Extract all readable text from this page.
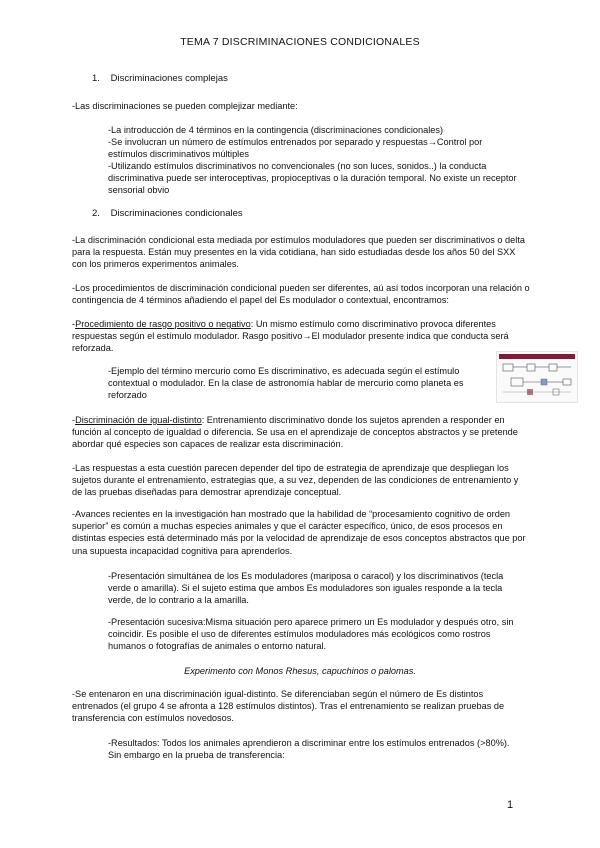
TEMA 7 DISCRIMINACIONES CONDICIONALES
1. Discriminaciones complejas
-Las discriminaciones se pueden complejizar mediante:
-La introducción de 4 términos en la contingencia (discriminaciones condicionales)
-Se involucran un número de estímulos entrenados por separado y respuestas→Control por estímulos discriminativos múltiples
-Utilizando estímulos discriminativos no convencionales (no son luces, sonidos..) la conducta discriminativa puede ser interoceptivas, propioceptivas o la duración temporal. No existe un receptor sensorial obvio
2. Discriminaciones condicionales
-La discriminación condicional esta mediada por estímulos moduladores que pueden ser discriminativos o delta para la respuesta. Están muy presentes en la vida cotidiana, han sido estudiadas desde los años 50 del SXX con los primeros experimentos animales.
-Los procedimientos de discriminación condicional pueden ser diferentes, aú así todos incorporan una relación o contingencia de 4 términos añadiendo el papel del Es modulador o contextual, encontramos:
-Procedimiento de rasgo positivo o negativo: Un mismo estímulo como discriminativo provoca diferentes respuestas según el estímulo modulador. Rasgo positivo→El modulador presente indica que conducta será reforzada.
-Ejemplo del término mercurio como Es discriminativo, es adecuada según el estímulo contextual o modulador. En la clase de astronomía hablar de mercurio como planeta es reforzado
-Discriminación de igual-distinto: Entrenamiento discriminativo donde los sujetos aprenden a responder en función al concepto de igualdad o diferencia. Se usa en el aprendizaje de conceptos abstractos y se pretende abordar qué especies son capaces de realizar esta discriminación.
-Las respuestas a esta cuestión parecen depender del tipo de estrategia de aprendizaje que despliegan los sujetos durante el entrenamiento, estrategias que, a su vez, dependen de las condiciones de entrenamiento y de las pruebas diseñadas para demostrar aprendizaje conceptual.
-Avances recientes en la investigación han mostrado que la habilidad de “procesamiento cognitivo de orden superior” es común a muchas especies animales y que el carácter específico, único, de esos procesos en distintas especies está determinado más por la velocidad de aprendizaje de esos conceptos abstractos que por una supuesta incapacidad cognitiva para aprenderlos.
-Presentación simultánea de los Es moduladores (mariposa o caracol) y los discriminativos (tecla verde o amarilla). Si el sujeto estima que ambos Es moduladores son iguales responde a la tecla verde, de lo contrario a la amarilla.
-Presentación sucesiva:Misma situación pero aparece primero un Es modulador y después otro, sin coincidir. Es posible el uso de diferentes estímulos moduladores más ecológicos como rostros humanos o fotografías de animales o entorno natural.
Experimento con Monos Rhesus, capuchinos o palomas.
-Se entenaron en una discriminación igual-distinto. Se diferenciaban según el número de Es distintos entrenados (el grupo 4 se afronta a 128 estímulos distintos). Tras el entrenamiento se realizan pruebas de transferencia con estímulos novedosos.
-Resultados: Todos los animales aprendieron a discriminar entre los estímulos entrenados (>80%). Sin embargo en la prueba de transferencia:
1
